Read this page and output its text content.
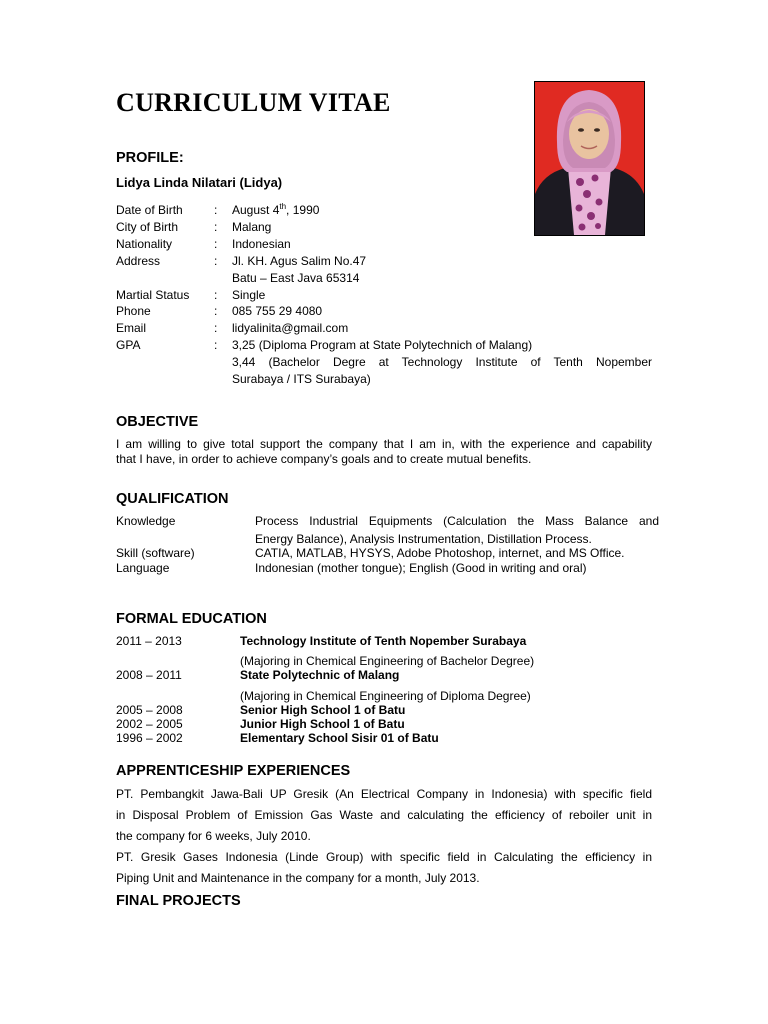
CURRICULUM VITAE
PROFILE:
Lidya Linda Nilatari (Lidya)
Date of Birth	: August 4th, 1990
City of Birth	: Malang
Nationality	: Indonesian
Address	: Jl. KH. Agus Salim No.47
Batu – East Java 65314
Martial Status : Single
Phone	: 085 755 29 4080
Email	: lidyalinita@gmail.com
GPA	: 3,25 (Diploma Program at State Polytechnich of Malang)
3,44 (Bachelor Degre at Technology Institute of Tenth Nopember
Surabaya / ITS Surabaya)
OBJECTIVE
I am willing to give total support the company that I am in, with the experience and capability
that I have, in order to achieve company’s goals and to create mutual benefits.
QUALIFICATION
Knowledge	Process Industrial Equipments (Calculation the Mass Balance and
Energy Balance), Analysis Instrumentation, Distillation Process.
Skill (software)	CATIA, MATLAB, HYSYS, Adobe Photoshop, internet, and MS Office.
Language	Indonesian (mother tongue); English (Good in writing and oral)
FORMAL EDUCATION
2011 – 2013	Technology Institute of Tenth Nopember Surabaya
(Majoring in Chemical Engineering of Bachelor Degree)
2008 – 2011	State Polytechnic of Malang
(Majoring in Chemical Engineering of Diploma Degree)
2005 – 2008	Senior High School 1 of Batu
2002 – 2005	Junior High School 1 of Batu
1996 – 2002	Elementary School Sisir 01 of Batu
APPRENTICESHIP EXPERIENCES
PT. Pembangkit Jawa-Bali UP Gresik (An Electrical Company in Indonesia) with specific field
in Disposal Problem of Emission Gas Waste and calculating the efficiency of reboiler unit in
the company for 6 weeks, July 2010.
PT. Gresik Gases Indonesia (Linde Group) with specific field in Calculating the efficiency in
Piping Unit and Maintenance in the company for a month, July 2013.
FINAL PROJECTS
